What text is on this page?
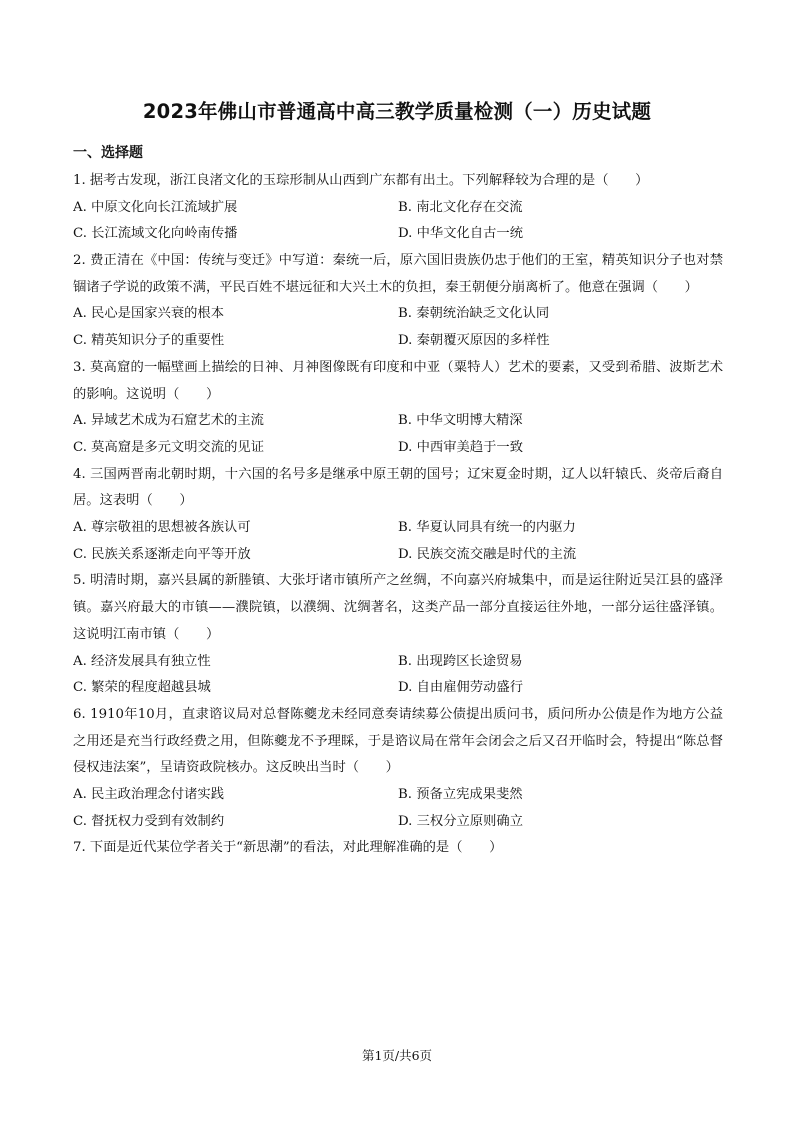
2023年佛山市普通高中高三教学质量检测（一）历史试题
一、选择题

1. 据考古发现，浙江良渚文化的玉琮形制从山西到广东都有出土。下列解释较为合理的是（　　）

A. 中原文化向长江流域扩展	B. 南北文化存在交流
C. 长江流域文化向岭南传播	D. 中华文化自古一统

2. 费正清在《中国：传统与变迁》中写道：秦统一后，原六国旧贵族仍忠于他们的王室，精英知识分子也对禁锢诸子学说的政策不满，平民百姓不堪远征和大兴土木的负担，秦王朝便分崩离析了。他意在强调（　　）

A. 民心是国家兴衰的根本	B. 秦朝统治缺乏文化认同
C. 精英知识分子的重要性	D. 秦朝覆灭原因的多样性

3. 莫高窟的一幅壁画上描绘的日神、月神图像既有印度和中亚（粟特人）艺术的要素，又受到希腊、波斯艺术的影响。这说明（　　）

A. 异域艺术成为石窟艺术的主流	B. 中华文明博大精深
C. 莫高窟是多元文明交流的见证	D. 中西审美趋于一致

4. 三国两晋南北朝时期，十六国的名号多是继承中原王朝的国号；辽宋夏金时期，辽人以轩辕氏、炎帝后裔自居。这表明（　　）

A. 尊宗敬祖的思想被各族认可	B. 华夏认同具有统一的内驱力
C. 民族关系逐渐走向平等开放	D. 民族交流交融是时代的主流

5. 明清时期，嘉兴县属的新塍镇、大张圩诸市镇所产之丝绸，不向嘉兴府城集中，而是运往附近吴江县的盛泽镇。嘉兴府最大的市镇——濮院镇，以濮绸、沈绸著名，这类产品一部分直接运往外地，一部分运往盛泽镇。这说明江南市镇（　　）

A. 经济发展具有独立性	B. 出现跨区长途贸易
C. 繁荣的程度超越县城	D. 自由雇佣劳动盛行

6. 1910年10月，直隶谘议局对总督陈夔龙未经同意奏请续募公债提出质问书，质问所办公债是作为地方公益之用还是充当行政经费之用，但陈夔龙不予理睬，于是谘议局在常年会闭会之后又召开临时会，特提出“陈总督侵权违法案”，呈请资政院核办。这反映出当时（　　）

A. 民主政治理念付诸实践	B. 预备立宪成果斐然
C. 督抚权力受到有效制约	D. 三权分立原则确立

7. 下面是近代某位学者关于“新思潮”的看法，对此理解准确的是（　　）

第1页/共6页
